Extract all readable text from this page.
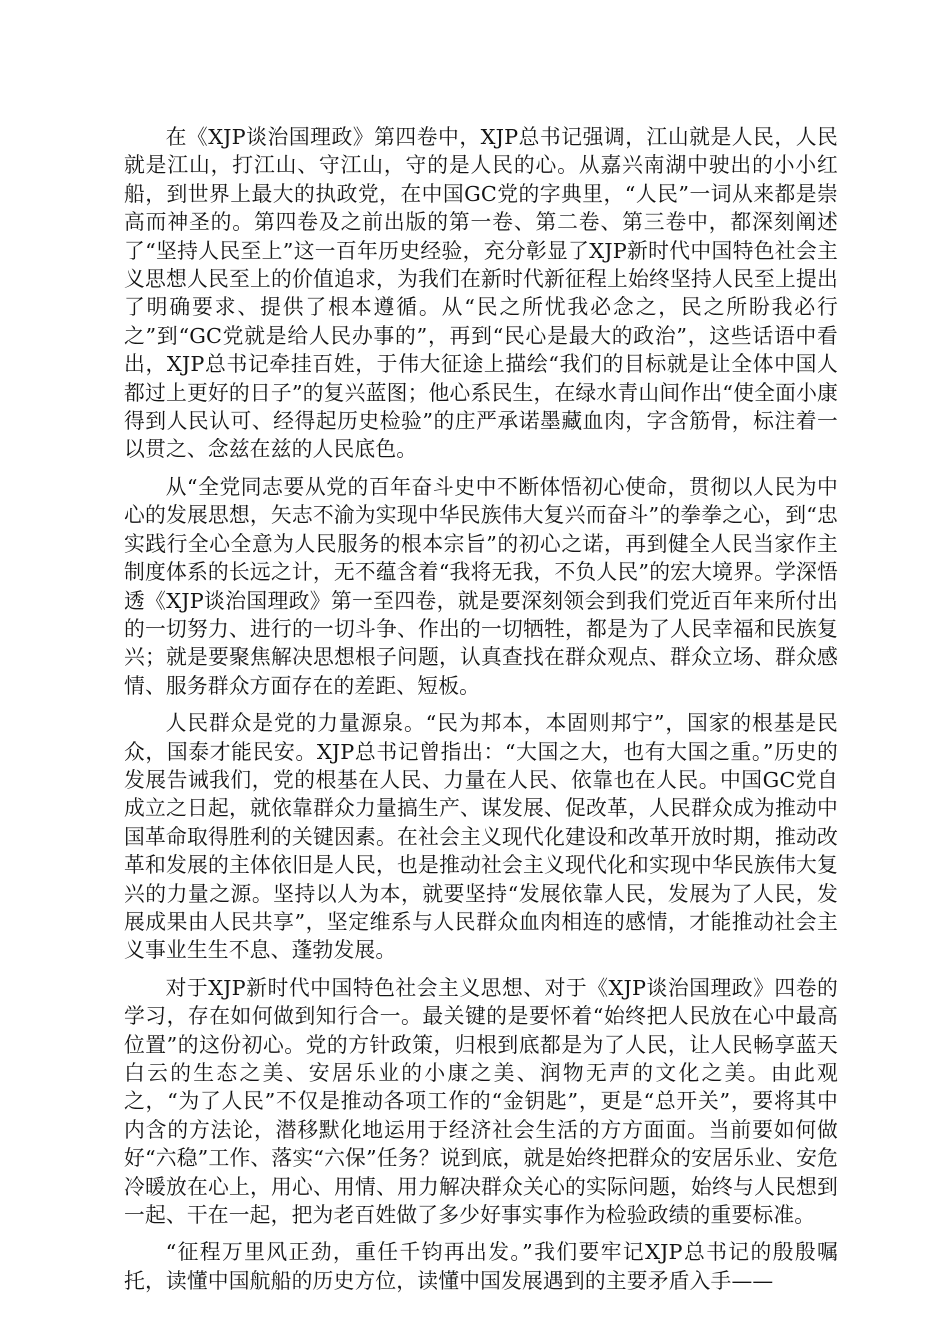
在《XJP谈治国理政》第四卷中，XJP总书记强调，江山就是人民，人民就是江山，打江山、守江山，守的是人民的心。从嘉兴南湖中驶出的小小红船，到世界上最大的执政党，在中国GC党的字典里，“人民”一词从来都是崇高而神圣的。第四卷及之前出版的第一卷、第二卷、第三卷中，都深刻阐述了“坚持人民至上”这一百年历史经验，充分彰显了XJP新时代中国特色社会主义思想人民至上的价值追求，为我们在新时代新征程上始终坚持人民至上提出了明确要求、提供了根本遵循。从“民之所忧我必念之，民之所盼我必行之”到“GC党就是给人民办事的”，再到“民心是最大的政治”，这些话语中看出，XJP总书记牵挂百姓，于伟大征途上描绘“我们的目标就是让全体中国人都过上更好的日子”的复兴蓝图；他心系民生，在绿水青山间作出“使全面小康得到人民认可、经得起历史检验”的庄严承诺墨藏血肉，字含筋骨，标注着一以贯之、念兹在兹的人民底色。

从“全党同志要从党的百年奋斗史中不断体悟初心使命，贯彻以人民为中心的发展思想，矢志不渝为实现中华民族伟大复兴而奋斗”的拳拳之心，到“忠实践行全心全意为人民服务的根本宗旨”的初心之诺，再到健全人民当家作主制度体系的长远之计，无不蕴含着“我将无我，不负人民”的宏大境界。学深悟透《XJP谈治国理政》第一至四卷，就是要深刻领会到我们党近百年来所付出的一切努力、进行的一切斗争、作出的一切牺牲，都是为了人民幸福和民族复兴；就是要聚焦解决思想根子问题，认真查找在群众观点、群众立场、群众感情、服务群众方面存在的差距、短板。

人民群众是党的力量源泉。“民为邦本，本固则邦宁”，国家的根基是民众，国泰才能民安。XJP总书记曾指出：“大国之大，也有大国之重。”历史的发展告诫我们，党的根基在人民、力量在人民、依靠也在人民。中国GC党自成立之日起，就依靠群众力量搞生产、谋发展、促改革，人民群众成为推动中国革命取得胜利的关键因素。在社会主义现代化建设和改革开放时期，推动改革和发展的主体依旧是人民，也是推动社会主义现代化和实现中华民族伟大复兴的力量之源。坚持以人为本，就要坚持“发展依靠人民，发展为了人民，发展成果由人民共享”，坚定维系与人民群众血肉相连的感情，才能推动社会主义事业生生不息、蓬勃发展。

对于XJP新时代中国特色社会主义思想、对于《XJP谈治国理政》四卷的学习，存在如何做到知行合一。最关键的是要怀着“始终把人民放在心中最高位置”的这份初心。党的方针政策，归根到底都是为了人民，让人民畅享蓝天白云的生态之美、安居乐业的小康之美、润物无声的文化之美。由此观之，“为了人民”不仅是推动各项工作的“金钥匙”，更是“总开关”，要将其中内含的方法论，潜移默化地运用于经济社会生活的方方面面。当前要如何做好“六稳”工作、落实“六保”任务？说到底，就是始终把群众的安居乐业、安危冷暖放在心上，用心、用情、用力解决群众关心的实际问题，始终与人民想到一起、干在一起，把为老百姓做了多少好事实事作为检验政绩的重要标准。

“征程万里风正劲，重任千钧再出发。”我们要牢记XJP总书记的殷殷嘱托，读懂中国航船的历史方位，读懂中国发展遇到的主要矛盾入手——
